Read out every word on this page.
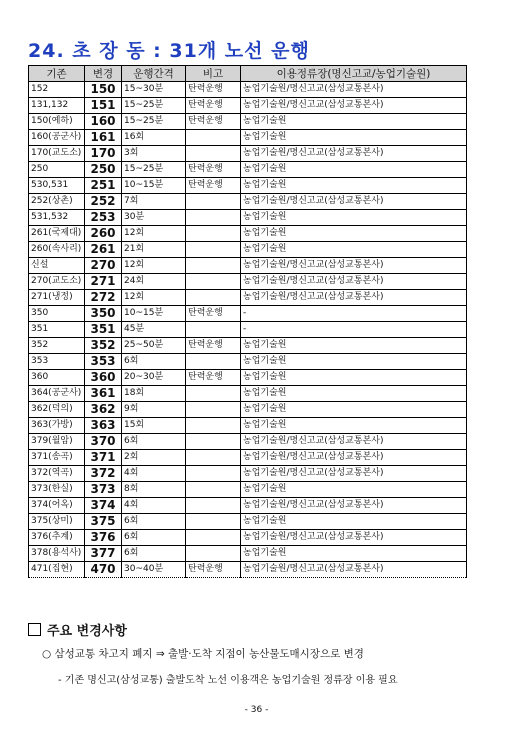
24. 초 장 동 : 31개 노선 운행
기존	변경	운행간격	비고	이용정류장(명신고교/농업기술원)
152	150	15~30분	탄력운행	농업기술원/명신고교(삼성교통본사)
131,132	151	15~25분	탄력운행	농업기술원/명신고교(삼성교통본사)
150(예하)	160	15~25분	탄력운행	농업기술원
160(공군사)	161	16회		농업기술원
170(교도소)	170	3회		농업기술원/명신고교(삼성교통본사)
250	250	15~25분	탄력운행	농업기술원
530,531	251	10~15분	탄력운행	농업기술원
252(상촌)	252	7회		농업기술원/명신고교(삼성교통본사)
531,532	253	30분		농업기술원
261(국제대)	260	12회		농업기술원
260(속사리)	261	21회		농업기술원
신설	270	12회		농업기술원/명신고교(삼성교통본사)
270(교도소)	271	24회		농업기술원/명신고교(삼성교통본사)
271(냉정)	272	12회		농업기술원/명신고교(삼성교통본사)
350	350	10~15분	탄력운행	-
351	351	45분		-
352	352	25~50분	탄력운행	농업기술원
353	353	6회		농업기술원
360	360	20~30분	탄력운행	농업기술원
364(공군사)	361	18회		농업기술원
362(덕의)	362	9회		농업기술원
363(가방)	363	15회		농업기술원
379(월암)	370	6회		농업기술원/명신고교(삼성교통본사)
371(송곡)	371	2회		농업기술원/명신고교(삼성교통본사)
372(역곡)	372	4회		농업기술원/명신고교(삼성교통본사)
373(한실)	373	8회		농업기술원
374(어옥)	374	4회		농업기술원/명신고교(삼성교통본사)
375(상미)	375	6회		농업기술원
376(추계)	376	6회		농업기술원/명신고교(삼성교통본사)
378(용석사)	377	6회		농업기술원
471(집현)	470	30~40분	탄력운행	농업기술원/명신고교(삼성교통본사)
주요 변경사항
○ 삼성교통 차고지 폐지 ⇒ 출발·도착 지점이 농산물도매시장으로 변경
- 기존 명신고(삼성교통) 출발도착 노선 이용객은 농업기술원 정류장 이용 필요
- 36 -
